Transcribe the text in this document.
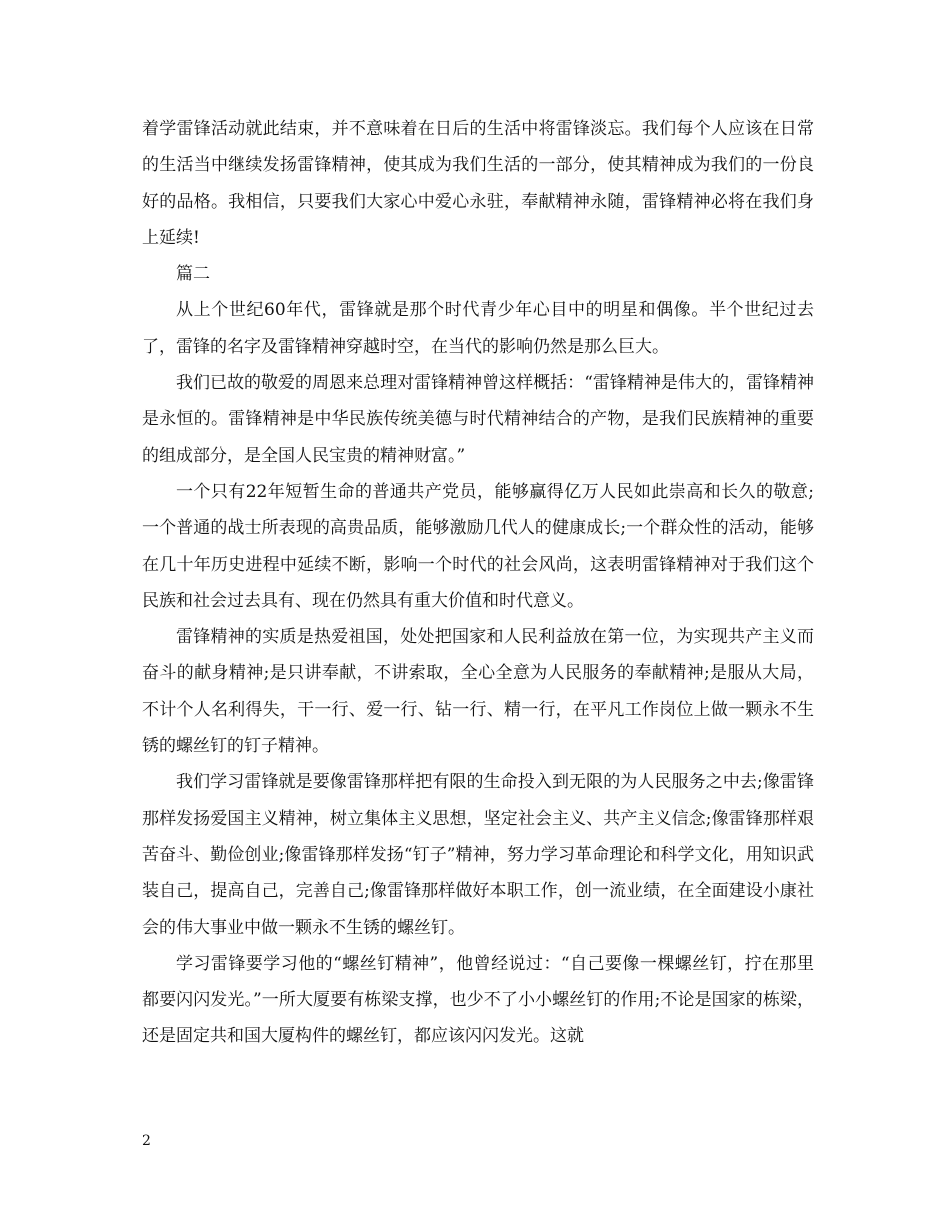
着学雷锋活动就此结束，并不意味着在日后的生活中将雷锋淡忘。我们每个人应该在日常的生活当中继续发扬雷锋精神，使其成为我们生活的一部分，使其精神成为我们的一份良好的品格。我相信，只要我们大家心中爱心永驻，奉献精神永随，雷锋精神必将在我们身上延续!

篇二

从上个世纪60年代，雷锋就是那个时代青少年心目中的明星和偶像。半个世纪过去了，雷锋的名字及雷锋精神穿越时空，在当代的影响仍然是那么巨大。

我们已故的敬爱的周恩来总理对雷锋精神曾这样概括：“雷锋精神是伟大的，雷锋精神是永恒的。雷锋精神是中华民族传统美德与时代精神结合的产物，是我们民族精神的重要的组成部分，是全国人民宝贵的精神财富。”

一个只有22年短暂生命的普通共产党员，能够赢得亿万人民如此崇高和长久的敬意;一个普通的战士所表现的高贵品质，能够激励几代人的健康成长;一个群众性的活动，能够在几十年历史进程中延续不断，影响一个时代的社会风尚，这表明雷锋精神对于我们这个民族和社会过去具有、现在仍然具有重大价值和时代意义。

雷锋精神的实质是热爱祖国，处处把国家和人民利益放在第一位，为实现共产主义而奋斗的献身精神;是只讲奉献，不讲索取，全心全意为人民服务的奉献精神;是服从大局，不计个人名利得失，干一行、爱一行、钻一行、精一行，在平凡工作岗位上做一颗永不生锈的螺丝钉的钉子精神。

我们学习雷锋就是要像雷锋那样把有限的生命投入到无限的为人民服务之中去;像雷锋那样发扬爱国主义精神，树立集体主义思想，坚定社会主义、共产主义信念;像雷锋那样艰苦奋斗、勤俭创业;像雷锋那样发扬“钉子”精神，努力学习革命理论和科学文化，用知识武装自己，提高自己，完善自己;像雷锋那样做好本职工作，创一流业绩，在全面建设小康社会的伟大事业中做一颗永不生锈的螺丝钉。

学习雷锋要学习他的“螺丝钉精神”，他曾经说过：“自己要像一棵螺丝钉，拧在那里都要闪闪发光。”一所大厦要有栋梁支撑，也少不了小小螺丝钉的作用;不论是国家的栋梁，还是固定共和国大厦构件的螺丝钉，都应该闪闪发光。这就

2
